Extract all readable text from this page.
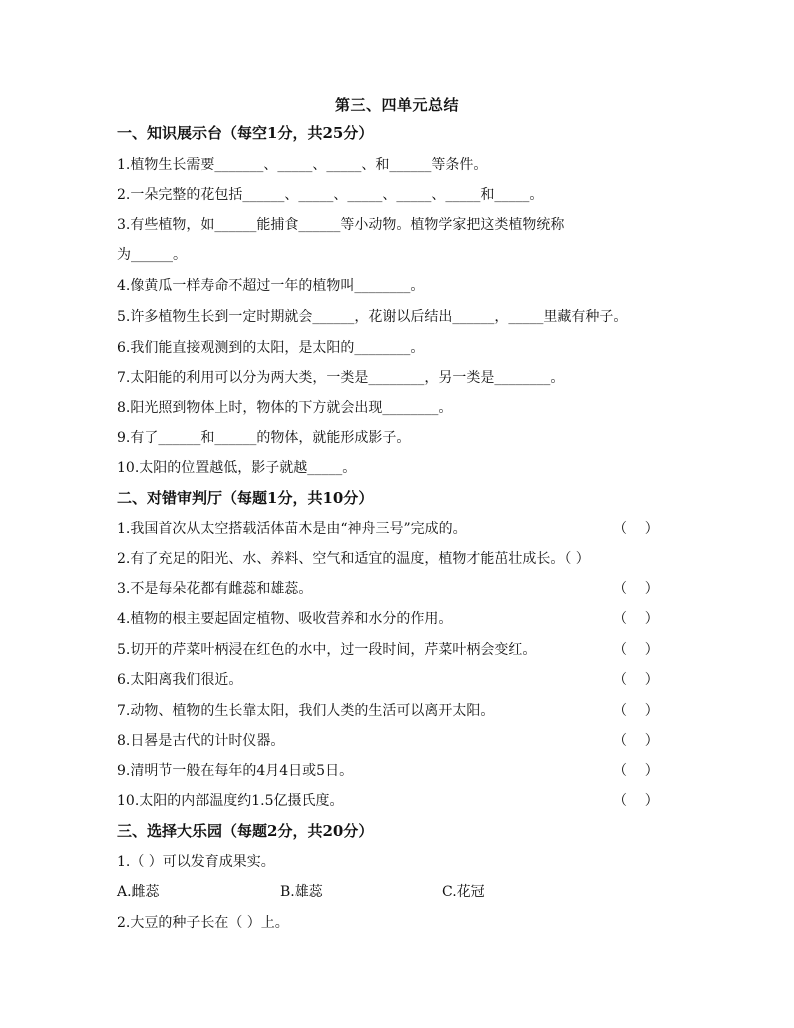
第三、四单元总结
一、知识展示台（每空1分，共25分）
1.植物生长需要_______、_____、_____、和______等条件。
2.一朵完整的花包括______、_____、_____、_____、_____和_____。
3.有些植物，如______能捕食______等小动物。植物学家把这类植物统称
为______。
4.像黄瓜一样寿命不超过一年的植物叫________。
5.许多植物生长到一定时期就会______，花谢以后结出______，_____里藏有种子。
6.我们能直接观测到的太阳，是太阳的________。
7.太阳能的利用可以分为两大类，一类是________，另一类是________。
8.阳光照到物体上时，物体的下方就会出现________。
9.有了______和______的物体，就能形成影子。
10.太阳的位置越低，影子就越_____。
二、对错审判厅（每题1分，共10分）
1.我国首次从太空搭载活体苗木是由“神舟三号”完成的。	（    ）
2.有了充足的阳光、水、养料、空气和适宜的温度，植物才能茁壮成长。（ ）
3.不是每朵花都有雌蕊和雄蕊。	（    ）
4.植物的根主要起固定植物、吸收营养和水分的作用。	（    ）
5.切开的芹菜叶柄浸在红色的水中，过一段时间，芹菜叶柄会变红。	（    ）
6.太阳离我们很近。	（    ）
7.动物、植物的生长靠太阳，我们人类的生活可以离开太阳。	（    ）
8.日晷是古代的计时仪器。	（    ）
9.清明节一般在每年的4月4日或5日。	（    ）
10.太阳的内部温度约1.5亿摄氏度。	（    ）
三、选择大乐园（每题2分，共20分）
1.（ ）可以发育成果实。
A.雌蕊	B.雄蕊	C.花冠
2.大豆的种子长在（ ）上。
